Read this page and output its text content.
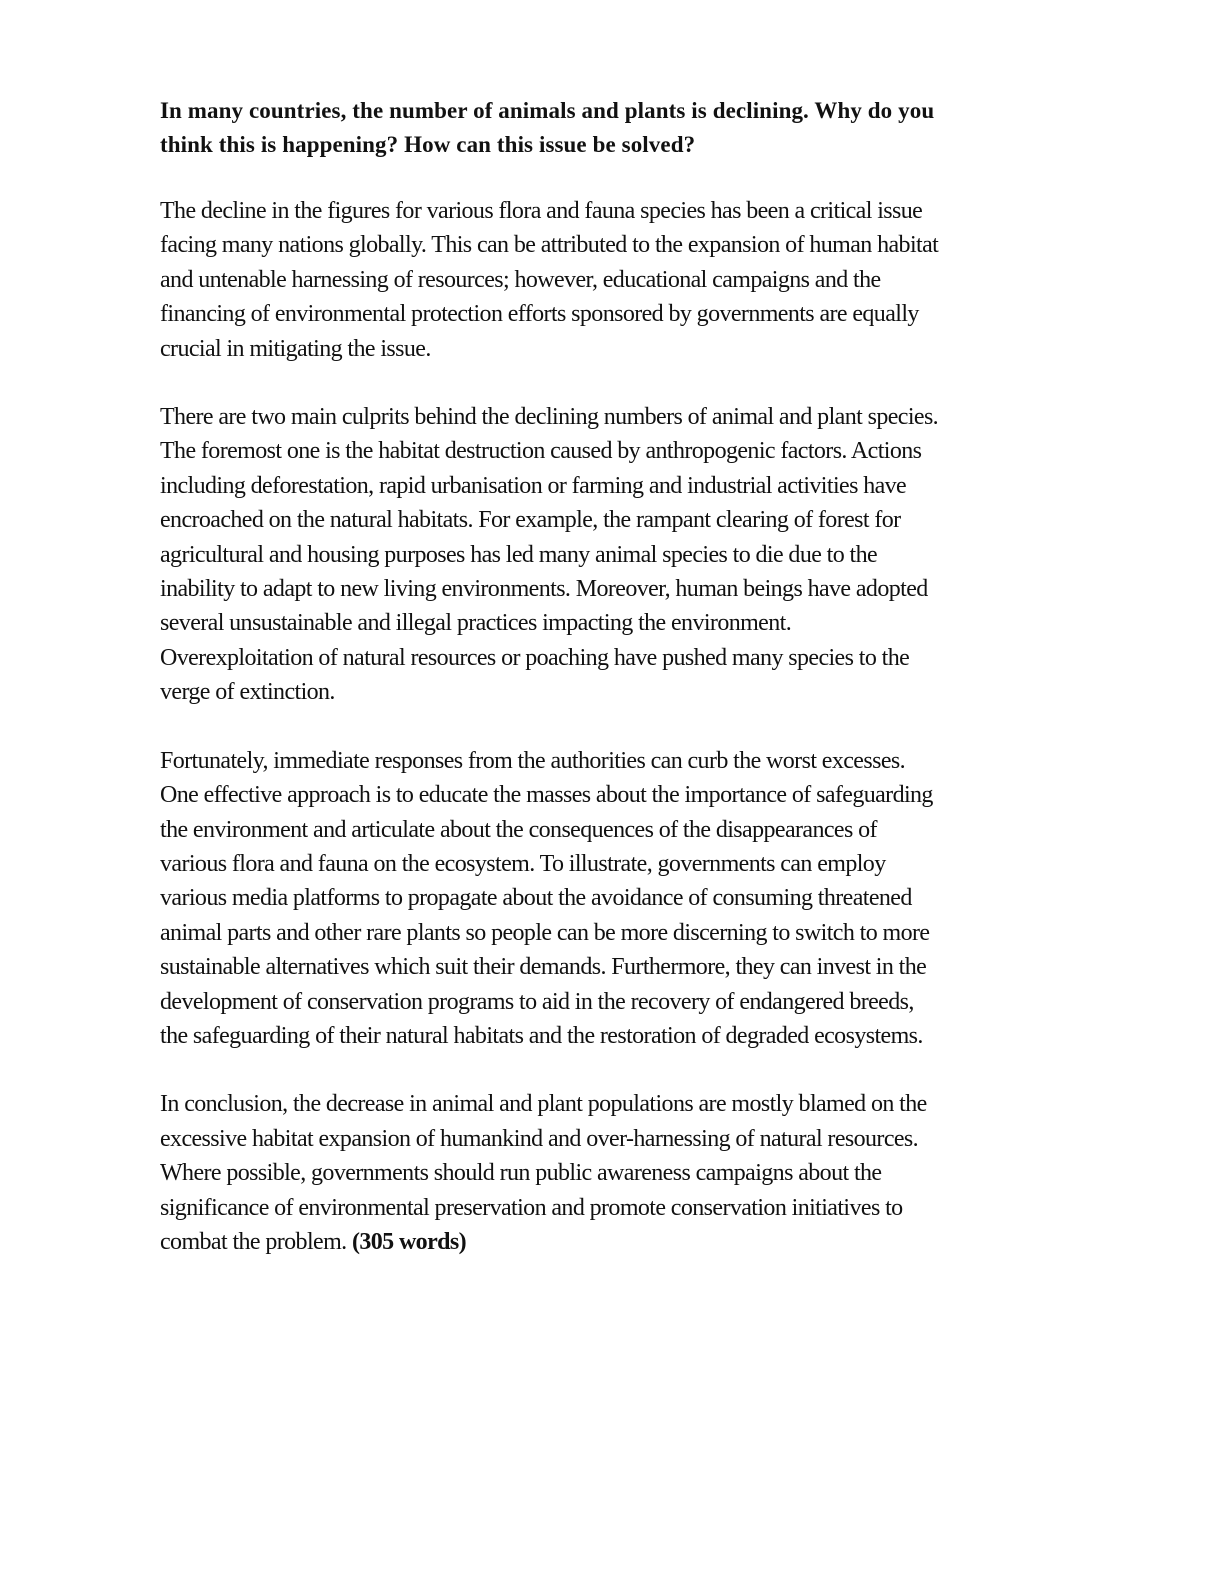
In many countries, the number of animals and plants is declining. Why do you
think this is happening? How can this issue be solved?
The decline in the figures for various flora and fauna species has been a critical issue
facing many nations globally. This can be attributed to the expansion of human habitat
and untenable harnessing of resources; however, educational campaigns and the
financing of environmental protection efforts sponsored by governments are equally
crucial in mitigating the issue.
There are two main culprits behind the declining numbers of animal and plant species.
The foremost one is the habitat destruction caused by anthropogenic factors. Actions
including deforestation, rapid urbanisation or farming and industrial activities have
encroached on the natural habitats. For example, the rampant clearing of forest for
agricultural and housing purposes has led many animal species to die due to the
inability to adapt to new living environments. Moreover, human beings have adopted
several unsustainable and illegal practices impacting the environment.
Overexploitation of natural resources or poaching have pushed many species to the
verge of extinction.
Fortunately, immediate responses from the authorities can curb the worst excesses.
One effective approach is to educate the masses about the importance of safeguarding
the environment and articulate about the consequences of the disappearances of
various flora and fauna on the ecosystem. To illustrate, governments can employ
various media platforms to propagate about the avoidance of consuming threatened
animal parts and other rare plants so people can be more discerning to switch to more
sustainable alternatives which suit their demands. Furthermore, they can invest in the
development of conservation programs to aid in the recovery of endangered breeds,
the safeguarding of their natural habitats and the restoration of degraded ecosystems.
In conclusion, the decrease in animal and plant populations are mostly blamed on the
excessive habitat expansion of humankind and over-harnessing of natural resources.
Where possible, governments should run public awareness campaigns about the
significance of environmental preservation and promote conservation initiatives to
combat the problem. (305 words)
